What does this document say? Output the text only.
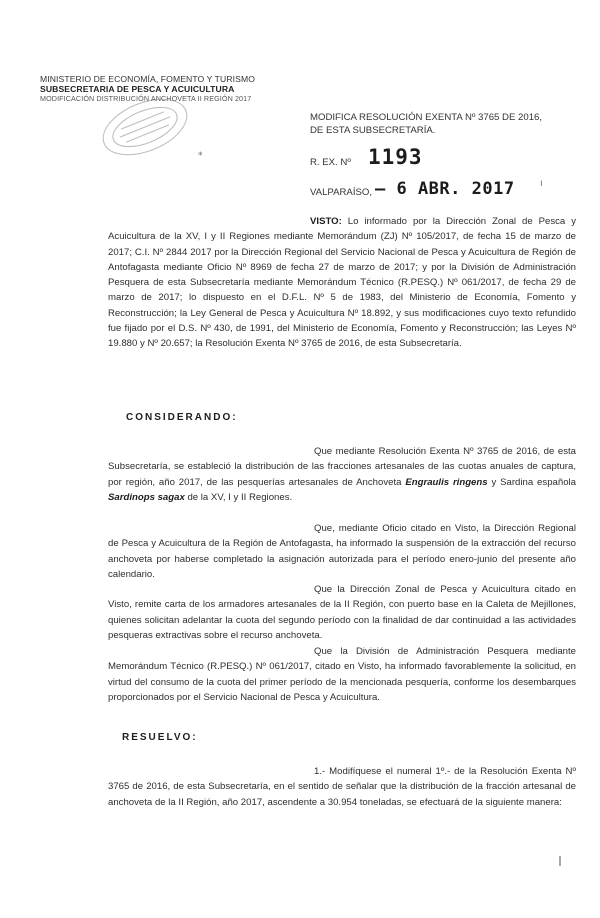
MINISTERIO DE ECONOMÍA, FOMENTO Y TURISMO
SUBSECRETARIA DE PESCA Y ACUICULTURA
MODIFICACIÓN DISTRIBUCIÓN ANCHOVETA II REGIÓN 2017
*
MODIFICA RESOLUCIÓN EXENTA Nº 3765 DE 2016,
DE ESTA SUBSECRETARÍA.
R. EX. Nº 1193
VALPARAÍSO, – 6 ABR. 2017	ı
VISTO: Lo informado por la Dirección Zonal de Pesca y Acuicultura de la XV, I y II Regiones mediante Memorándum (ZJ) Nº 105/2017, de fecha 15 de marzo de 2017; C.I. Nº 2844 2017 por la Dirección Regional del Servicio Nacional de Pesca y Acuicultura de Región de Antofagasta mediante Oficio Nº 8969 de fecha 27 de marzo de 2017; y por la División de Administración Pesquera de esta Subsecretaría mediante Memorándum Técnico (R.PESQ.) Nº 061/2017, de fecha 29 de marzo de 2017; lo dispuesto en el D.F.L. Nº 5 de 1983, del Ministerio de Economía, Fomento y Reconstrucción; la Ley General de Pesca y Acuicultura Nº 18.892, y sus modificaciones cuyo texto refundido fue fijado por el D.S. Nº 430, de 1991, del Ministerio de Economía, Fomento y Reconstrucción; las Leyes Nº 19.880 y Nº 20.657; la Resolución Exenta Nº 3765 de 2016, de esta Subsecretaría.
CONSIDERANDO:
Que mediante Resolución Exenta Nº 3765 de 2016, de esta Subsecretaría, se estableció la distribución de las fracciones artesanales de las cuotas anuales de captura, por región, año 2017, de las pesquerías artesanales de Anchoveta Engraulis ringens y Sardina española Sardinops sagax de la XV, I y II Regiones.
Que, mediante Oficio citado en Visto, la Dirección Regional de Pesca y Acuicultura de la Región de Antofagasta, ha informado la suspensión de la extracción del recurso anchoveta por haberse completado la asignación autorizada para el período enero-junio del presente año calendario.
Que la Dirección Zonal de Pesca y Acuicultura citado en Visto, remite carta de los armadores artesanales de la II Región, con puerto base en la Caleta de Mejillones, quienes solicitan adelantar la cuota del segundo período con la finalidad de dar continuidad a las actividades pesqueras extractivas sobre el recurso anchoveta.
Que la División de Administración Pesquera mediante Memorándum Técnico (R.PESQ.) Nº 061/2017, citado en Visto, ha informado favorablemente la solicitud, en virtud del consumo de la cuota del primer período de la mencionada pesquería, conforme los desembarques proporcionados por el Servicio Nacional de Pesca y Acuicultura.
RESUELVO:
1.- Modifíquese el numeral 1º.- de la Resolución Exenta Nº 3765 de 2016, de esta Subsecretaría, en el sentido de señalar que la distribución de la fracción artesanal de anchoveta de la II Región, año 2017, ascendente a 30.954 toneladas, se efectuará de la siguiente manera:
